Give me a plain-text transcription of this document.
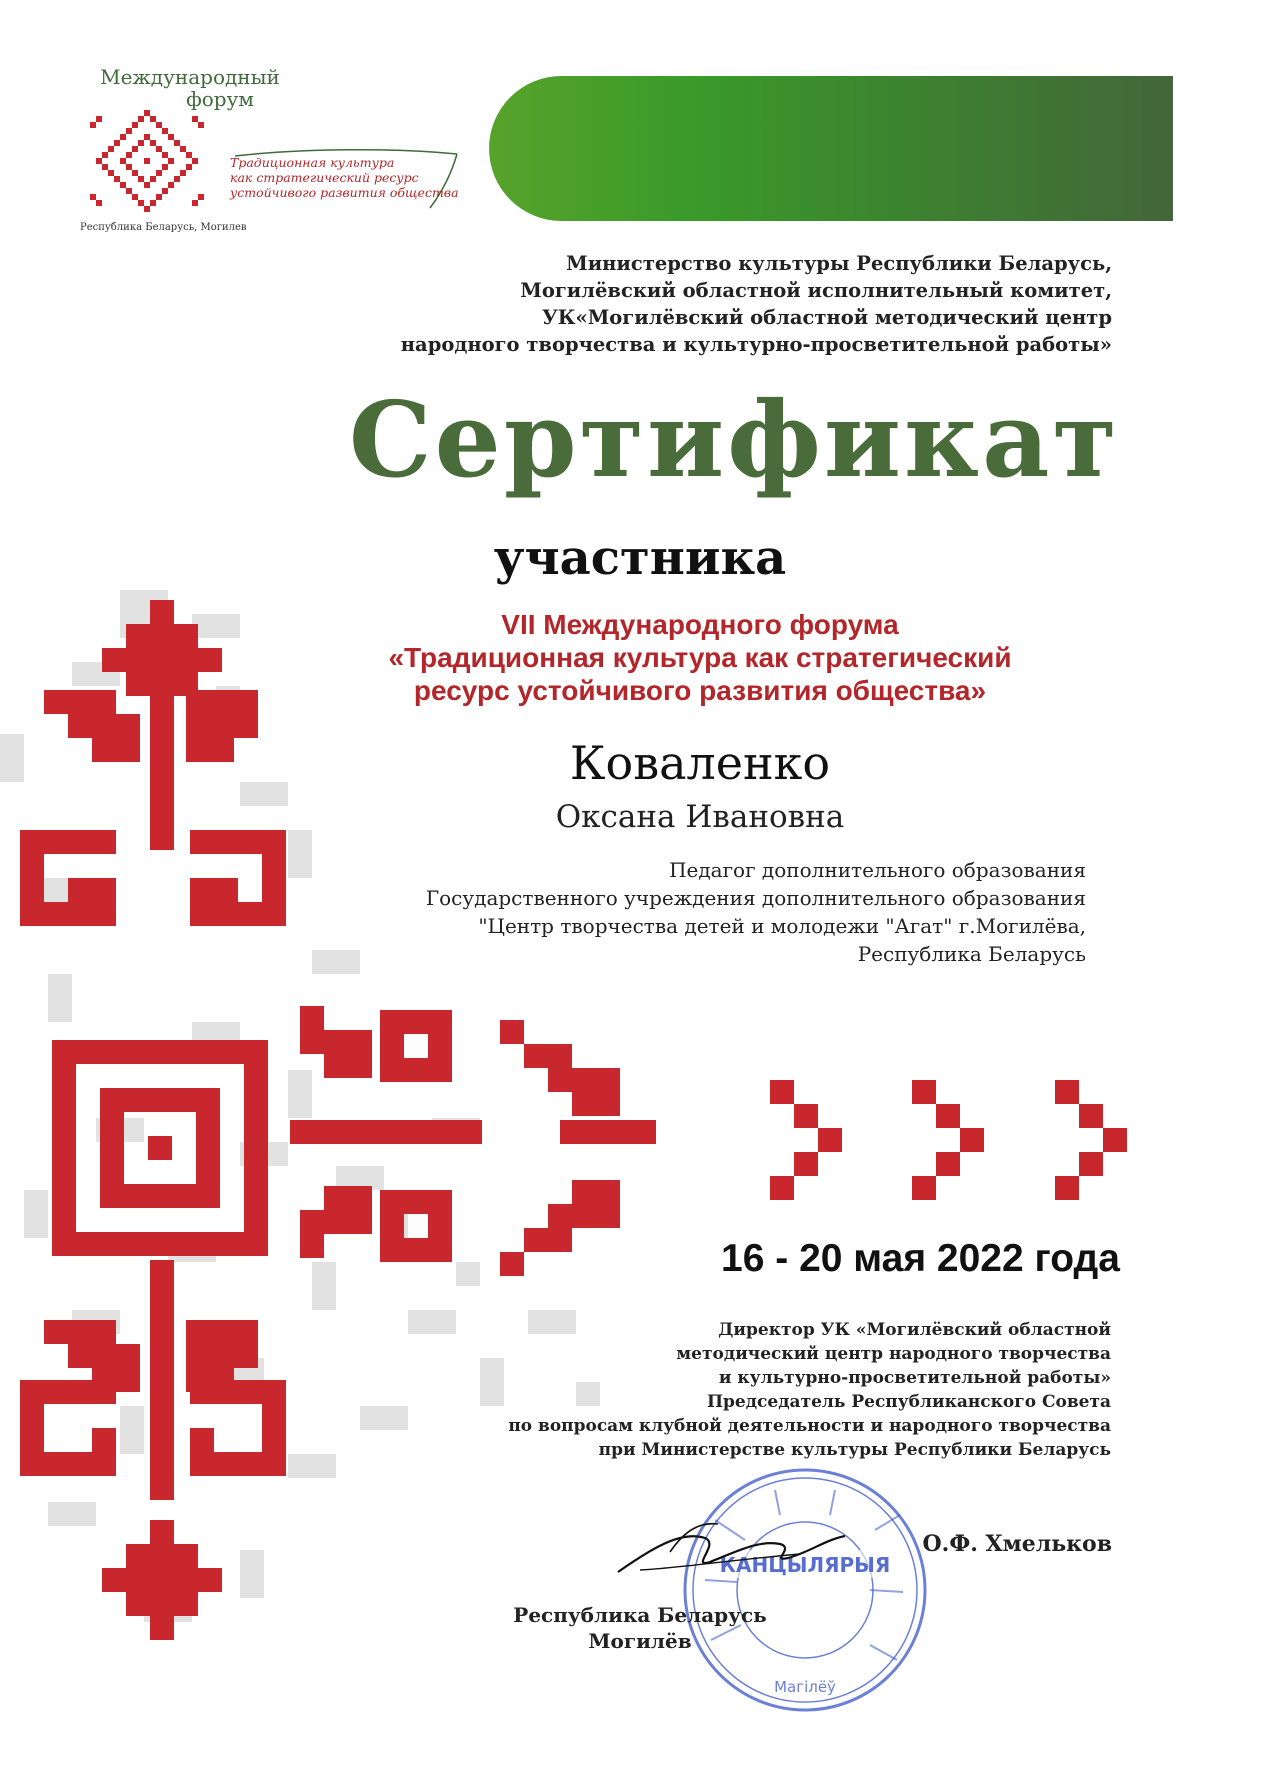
Международный
форум
Традиционная культура
как стратегический ресурс
устойчивого развития общества
Республика Беларусь, Могилев
Министерство культуры Республики Беларусь,
Могилёвский областной исполнительный комитет,
УК«Могилёвский областной методический центр
народного творчества и культурно-просветительной работы»
Сертификат
участника
VII Международного форума
«Традиционная культура как стратегический
ресурс устойчивого развития общества»
Коваленко
Оксана Ивановна
Педагог дополнительного образования
Государственного учреждения дополнительного образования
"Центр творчества детей и молодежи "Агат" г.Могилёва,
Республика Беларусь
16 - 20 мая 2022 года
Директор УК «Могилёвский областной
методический центр народного творчества
и культурно-просветительной работы»
Председатель Республиканского Совета
по вопросам клубной деятельности и народного творчества
при Министерстве культуры Республики Беларусь
КАНЦЫЛЯРЫЯ
Магілёў
О.Ф. Хмельков
Республика Беларусь
Могилёв
